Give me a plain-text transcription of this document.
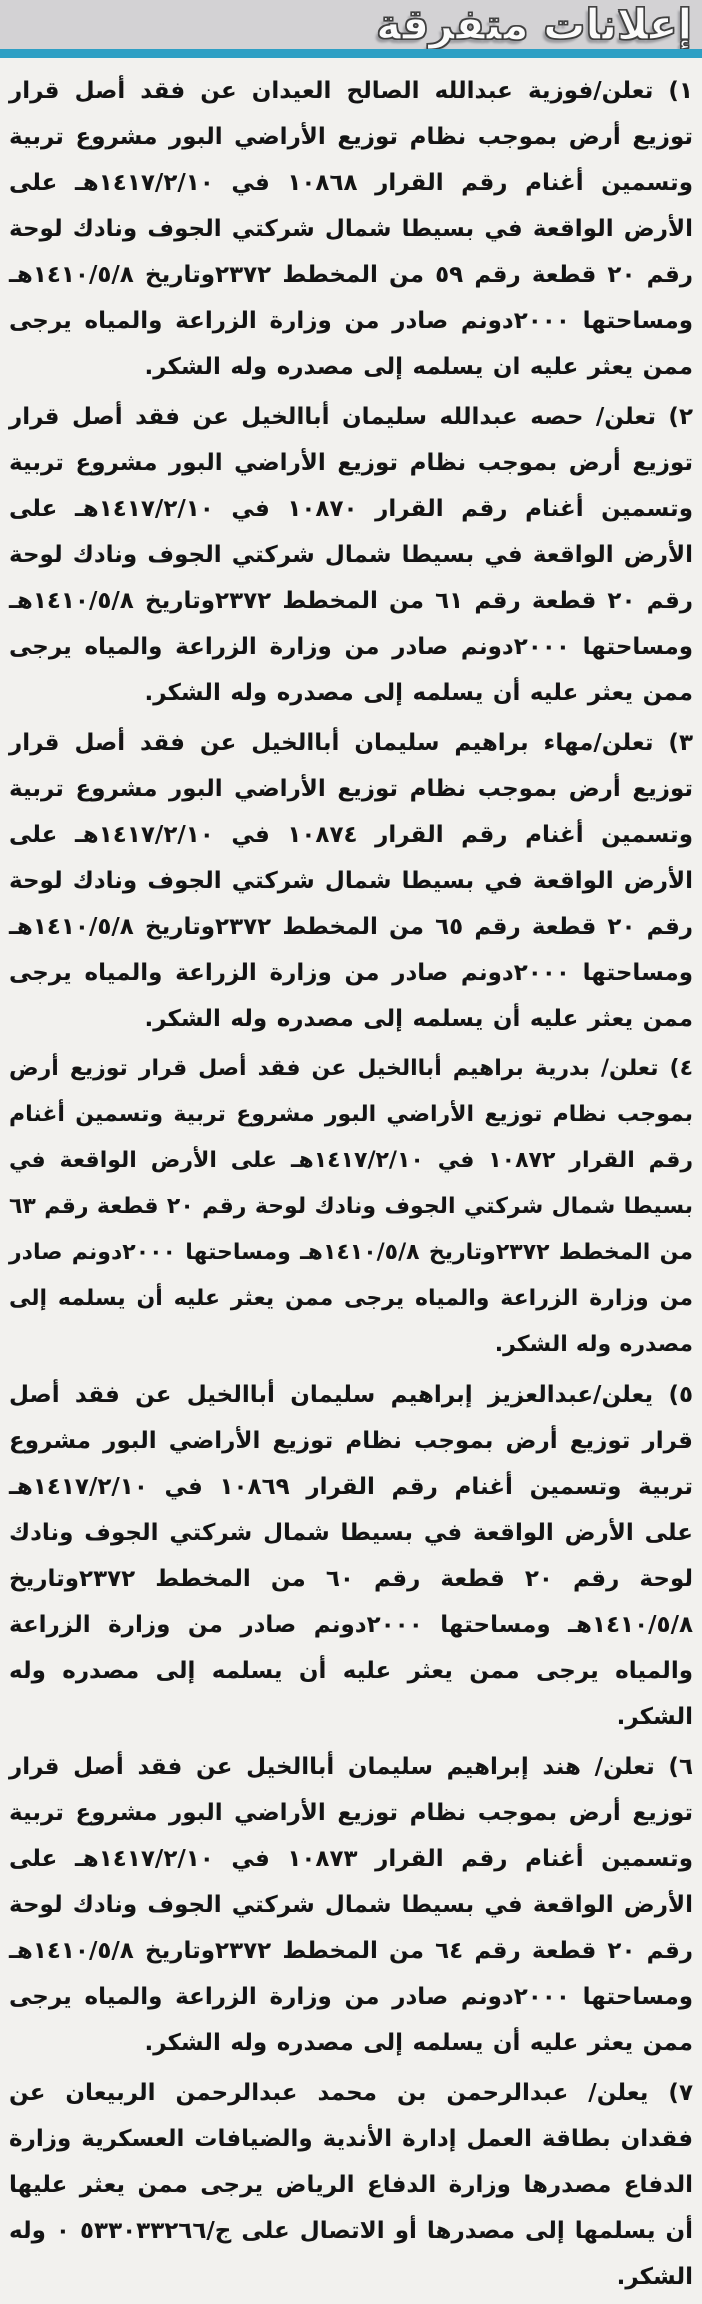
إعلانات متفرقة

١) تعلن/فوزية عبدالله الصالح العيدان عن فقد أصل قرار توزيع أرض بموجب نظام توزيع الأراضي البور مشروع تربية وتسمين أغنام رقم القرار ١٠٨٦٨ في ١٤١٧/٢/١٠هـ على الأرض الواقعة في بسيطا شمال شركتي الجوف ونادك لوحة رقم ٢٠ قطعة رقم ٥٩ من المخطط ٢٣٧٢وتاريخ ١٤١٠/٥/٨هـ ومساحتها ٢٠٠٠دونم صادر من وزارة الزراعة والمياه يرجى ممن يعثر عليه ان يسلمه إلى مصدره وله الشكر.

٢) تعلن/ حصه عبدالله سليمان أباالخيل عن فقد أصل قرار توزيع أرض بموجب نظام توزيع الأراضي البور مشروع تربية وتسمين أغنام رقم القرار ١٠٨٧٠ في ١٤١٧/٢/١٠هـ على الأرض الواقعة في بسيطا شمال شركتي الجوف ونادك لوحة رقم ٢٠ قطعة رقم ٦١ من المخطط ٢٣٧٢وتاريخ ١٤١٠/٥/٨هـ ومساحتها ٢٠٠٠دونم صادر من وزارة الزراعة والمياه يرجى ممن يعثر عليه أن يسلمه إلى مصدره وله الشكر.

٣) تعلن/مهاء براهيم سليمان أباالخيل عن فقد أصل قرار توزيع أرض بموجب نظام توزيع الأراضي البور مشروع تربية وتسمين أغنام رقم القرار ١٠٨٧٤ في ١٤١٧/٢/١٠هـ على الأرض الواقعة في بسيطا شمال شركتي الجوف ونادك لوحة رقم ٢٠ قطعة رقم ٦٥ من المخطط ٢٣٧٢وتاريخ ١٤١٠/٥/٨هـ ومساحتها ٢٠٠٠دونم صادر من وزارة الزراعة والمياه يرجى ممن يعثر عليه أن يسلمه إلى مصدره وله الشكر.

٤) تعلن/ بدرية براهيم أباالخيل عن فقد أصل قرار توزيع أرض بموجب نظام توزيع الأراضي البور مشروع تربية وتسمين أغنام رقم القرار ١٠٨٧٢ في ١٤١٧/٢/١٠هـ على الأرض الواقعة في بسيطا شمال شركتي الجوف ونادك لوحة رقم ٢٠ قطعة رقم ٦٣ من المخطط ٢٣٧٢وتاريخ ١٤١٠/٥/٨هـ ومساحتها ٢٠٠٠دونم صادر من وزارة الزراعة والمياه يرجى ممن يعثر عليه أن يسلمه إلى مصدره وله الشكر.

٥) يعلن/عبدالعزيز إبراهيم سليمان أباالخيل عن فقد أصل قرار توزيع أرض بموجب نظام توزيع الأراضي البور مشروع تربية وتسمين أغنام رقم القرار ١٠٨٦٩ في ١٤١٧/٢/١٠هـ على الأرض الواقعة في بسيطا شمال شركتي الجوف ونادك لوحة رقم ٢٠ قطعة رقم ٦٠ من المخطط ٢٣٧٢وتاريخ ١٤١٠/٥/٨هـ ومساحتها ٢٠٠٠دونم صادر من وزارة الزراعة والمياه يرجى ممن يعثر عليه أن يسلمه إلى مصدره وله الشكر.

٦) تعلن/ هند إبراهيم سليمان أباالخيل عن فقد أصل قرار توزيع أرض بموجب نظام توزيع الأراضي البور مشروع تربية وتسمين أغنام رقم القرار ١٠٨٧٣ في ١٤١٧/٢/١٠هـ على الأرض الواقعة في بسيطا شمال شركتي الجوف ونادك لوحة رقم ٢٠ قطعة رقم ٦٤ من المخطط ٢٣٧٢وتاريخ ١٤١٠/٥/٨هـ ومساحتها ٢٠٠٠دونم صادر من وزارة الزراعة والمياه يرجى ممن يعثر عليه أن يسلمه إلى مصدره وله الشكر.

٧) يعلن/ عبدالرحمن بن محمد عبدالرحمن الربيعان عن فقدان بطاقة العمل إدارة الأندية والضيافات العسكرية وزارة الدفاع مصدرها وزارة الدفاع الرياض يرجى ممن يعثر عليها أن يسلمها إلى مصدرها أو الاتصال على ج/٥٣٣٠٣٣٢٦٦ ٠ وله الشكر.
